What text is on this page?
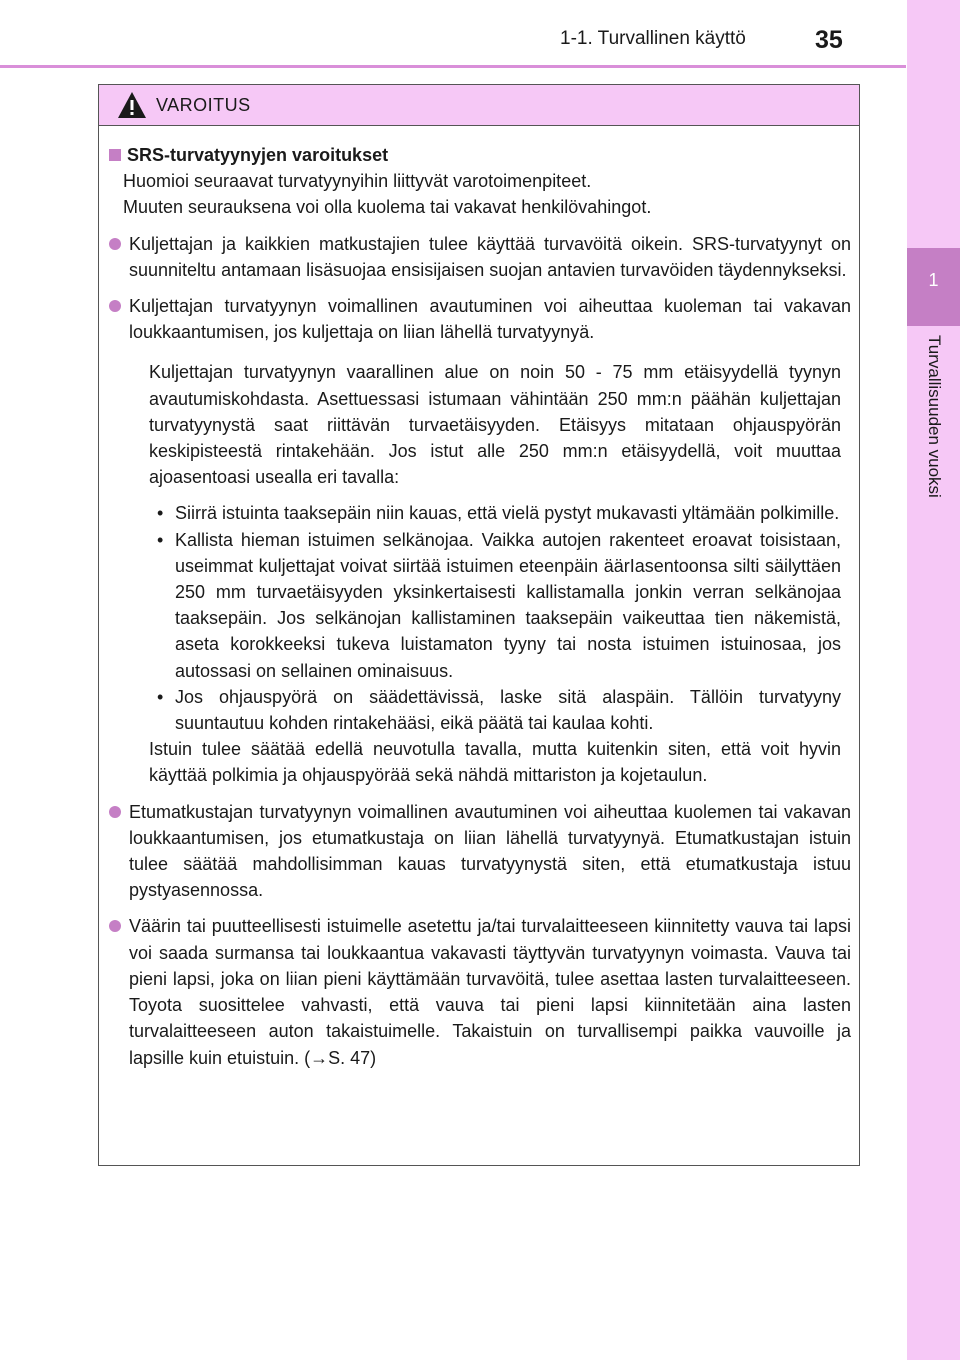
1-1. Turvallinen käyttö	35
1
Turvallisuuden vuoksi
VAROITUS
SRS-turvatyynyjen varoitukset

Huomioi seuraavat turvatyynyihin liittyvät varotoimenpiteet.

Muuten seurauksena voi olla kuolema tai vakavat henkilövahingot.

Kuljettajan ja kaikkien matkustajien tulee käyttää turvavöitä oikein. SRS-turvatyynyt on suunniteltu antamaan lisäsuojaa ensisijaisen suojan antavien turvavöiden täydennykseksi.

Kuljettajan turvatyynyn voimallinen avautuminen voi aiheuttaa kuoleman tai vakavan loukkaantumisen, jos kuljettaja on liian lähellä turvatyynyä.

Kuljettajan turvatyynyn vaarallinen alue on noin 50 - 75 mm etäisyydellä tyynyn avautumiskohdasta. Asettuessasi istumaan vähintään 250 mm:n päähän kuljettajan turvatyynystä saat riittävän turvaetäisyyden. Etäisyys mitataan ohjauspyörän keskipisteestä rintakehään. Jos istut alle 250 mm:n etäisyydellä, voit muuttaa ajoasentoasi usealla eri tavalla:

• Siirrä istuinta taaksepäin niin kauas, että vielä pystyt mukavasti yltämään polkimille.
• Kallista hieman istuimen selkänojaa. Vaikka autojen rakenteet eroavat toisistaan, useimmat kuljettajat voivat siirtää istuimen eteenpäin äärIasentoonsa silti säilyttäen 250 mm turvaetäisyyden yksinkertaisesti kallistamalla jonkin verran selkänojaa taaksepäin. Jos selkänojan kallistaminen taaksepäin vaikeuttaa tien näkemistä, aseta korokkeeksi tukeva luistamaton tyyny tai nosta istuimen istuinosaa, jos autossasi on sellainen ominaisuus.
• Jos ohjauspyörä on säädettävissä, laske sitä alaspäin. Tällöin turvatyyny suuntautuu kohden rintakehääsi, eikä päätä tai kaulaa kohti.

Istuin tulee säätää edellä neuvotulla tavalla, mutta kuitenkin siten, että voit hyvin käyttää polkimia ja ohjauspyörää sekä nähdä mittariston ja kojetaulun.

Etumatkustajan turvatyynyn voimallinen avautuminen voi aiheuttaa kuolemen tai vakavan loukkaantumisen, jos etumatkustaja on liian lähellä turvatyynyä. Etumatkustajan istuin tulee säätää mahdollisimman kauas turvatyynystä siten, että etumatkustaja istuu pystyasennossa.

Väärin tai puutteellisesti istuimelle asetettu ja/tai turvalaitteeseen kiinnitetty vauva tai lapsi voi saada surmansa tai loukkaantua vakavasti täyttyvän turvatyynyn voimasta. Vauva tai pieni lapsi, joka on liian pieni käyttämään turvavöitä, tulee asettaa lasten turvalaitteeseen. Toyota suosittelee vahvasti, että vauva tai pieni lapsi kiinnitetään aina lasten turvalaitteeseen auton takaistuimelle. Takaistuin on turvallisempi paikka vauvoille ja lapsille kuin etuistuin. (→S. 47)
